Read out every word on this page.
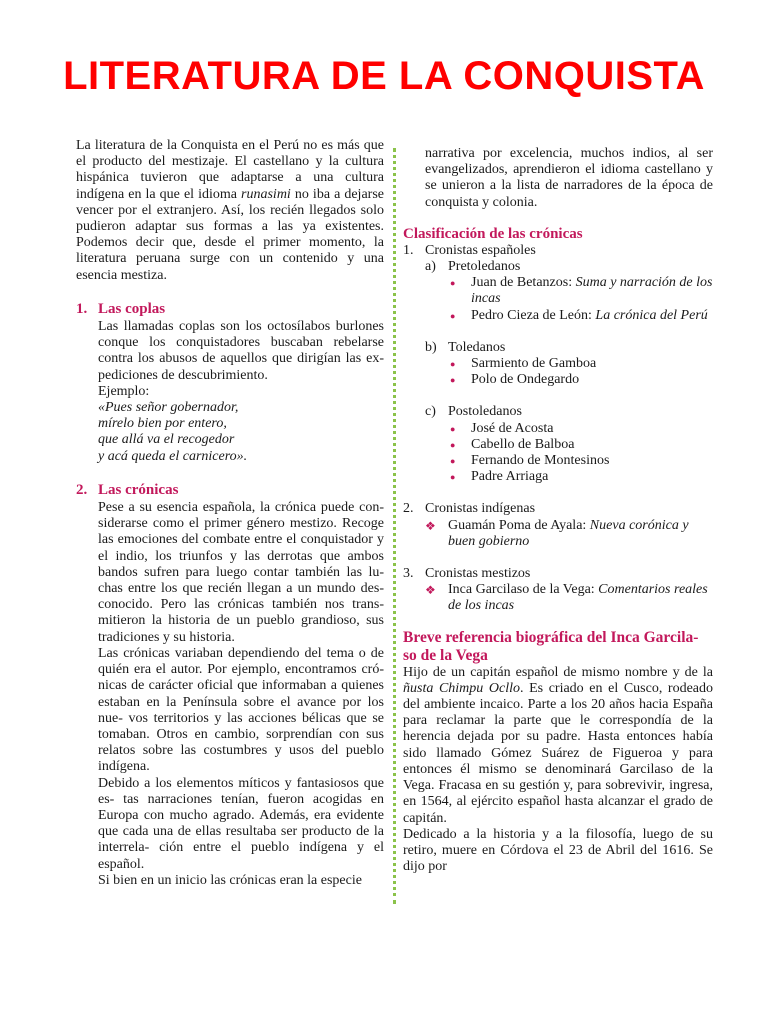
LITERATURA DE LA CONQUISTA

La literatura de la Conquista en el Perú no es más que el producto del mestizaje. El castellano y la cultura hispánica tuvieron que adaptarse a una cultura indígena en la que el idioma runasimi no iba a dejarse vencer por el extranjero. Así, los recién llegados solo pudieron adaptar sus formas a las ya existentes. Podemos decir que, desde el primer momento, la literatura peruana surge con un contenido y una esencia mestiza.

1. Las coplas

Las llamadas coplas son los octosílabos burlones conque los conquistadores buscaban rebelarse contra los abusos de aquellos que dirigían las ex- pediciones de descubrimiento.

Ejemplo:
«Pues señor gobernador,
mírelo bien por entero,
que allá va el recogedor
y acá queda el carnicero».
2. Las crónicas

Pese a su esencia española, la crónica puede con- siderarse como el primer género mestizo. Recoge las emociones del combate entre el conquistador y el indio, los triunfos y las derrotas que ambos bandos sufren para luego contar también las lu- chas entre los que recién llegan a un mundo des- conocido. Pero las crónicas también nos trans- mitieron la historia de un pueblo grandioso, sus tradiciones y su historia.

Las crónicas variaban dependiendo del tema o de quién era el autor. Por ejemplo, encontramos cró- nicas de carácter oficial que informaban a quienes estaban en la Península sobre el avance por los nue- vos territorios y las acciones bélicas que se tomaban. Otros en cambio, sorprendían con sus relatos sobre las costumbres y usos del pueblo indígena.

Debido a los elementos míticos y fantasiosos que es- tas narraciones tenían, fueron acogidas en Europa con mucho agrado. Además, era evidente que cada una de ellas resultaba ser producto de la interrela- ción entre el pueblo indígena y el español.

Si bien en un inicio las crónicas eran la especie

narrativa por excelencia, muchos indios, al ser evangelizados, aprendieron el idioma castellano y se unieron a la lista de narradores de la época de conquista y colonia.

Clasificación de las crónicas
1. Cronistas españoles
a) Pretoledanos
● Juan de Betanzos: Suma y narración de los incas
● Pedro Cieza de León: La crónica del Perú
b) Toledanos
● Sarmiento de Gamboa
● Polo de Ondegardo
c) Postoledanos
● José de Acosta
● Cabello de Balboa
● Fernando de Montesinos
● Padre Arriaga
2. Cronistas indígenas
❖ Guamán Poma de Ayala: Nueva corónica y buen gobierno
3. Cronistas mestizos
❖ Inca Garcilaso de la Vega: Comentarios reales de los incas
Breve referencia biográfica del Inca Garcila- so de la Vega

Hijo de un capitán español de mismo nombre y de la ñusta Chimpu Ocllo. Es criado en el Cusco, rodeado del ambiente incaico. Parte a los 20 años hacia España para reclamar la parte que le correspondía de la herencia dejada por su padre. Hasta entonces había sido llamado Gómez Suárez de Figueroa y para entonces él mismo se denominará Garcilaso de la Vega. Fracasa en su gestión y, para sobrevivir, ingresa, en 1564, al ejército español hasta alcanzar el grado de capitán.

Dedicado a la historia y a la filosofía, luego de su retiro, muere en Córdova el 23 de Abril del 1616. Se dijo por
